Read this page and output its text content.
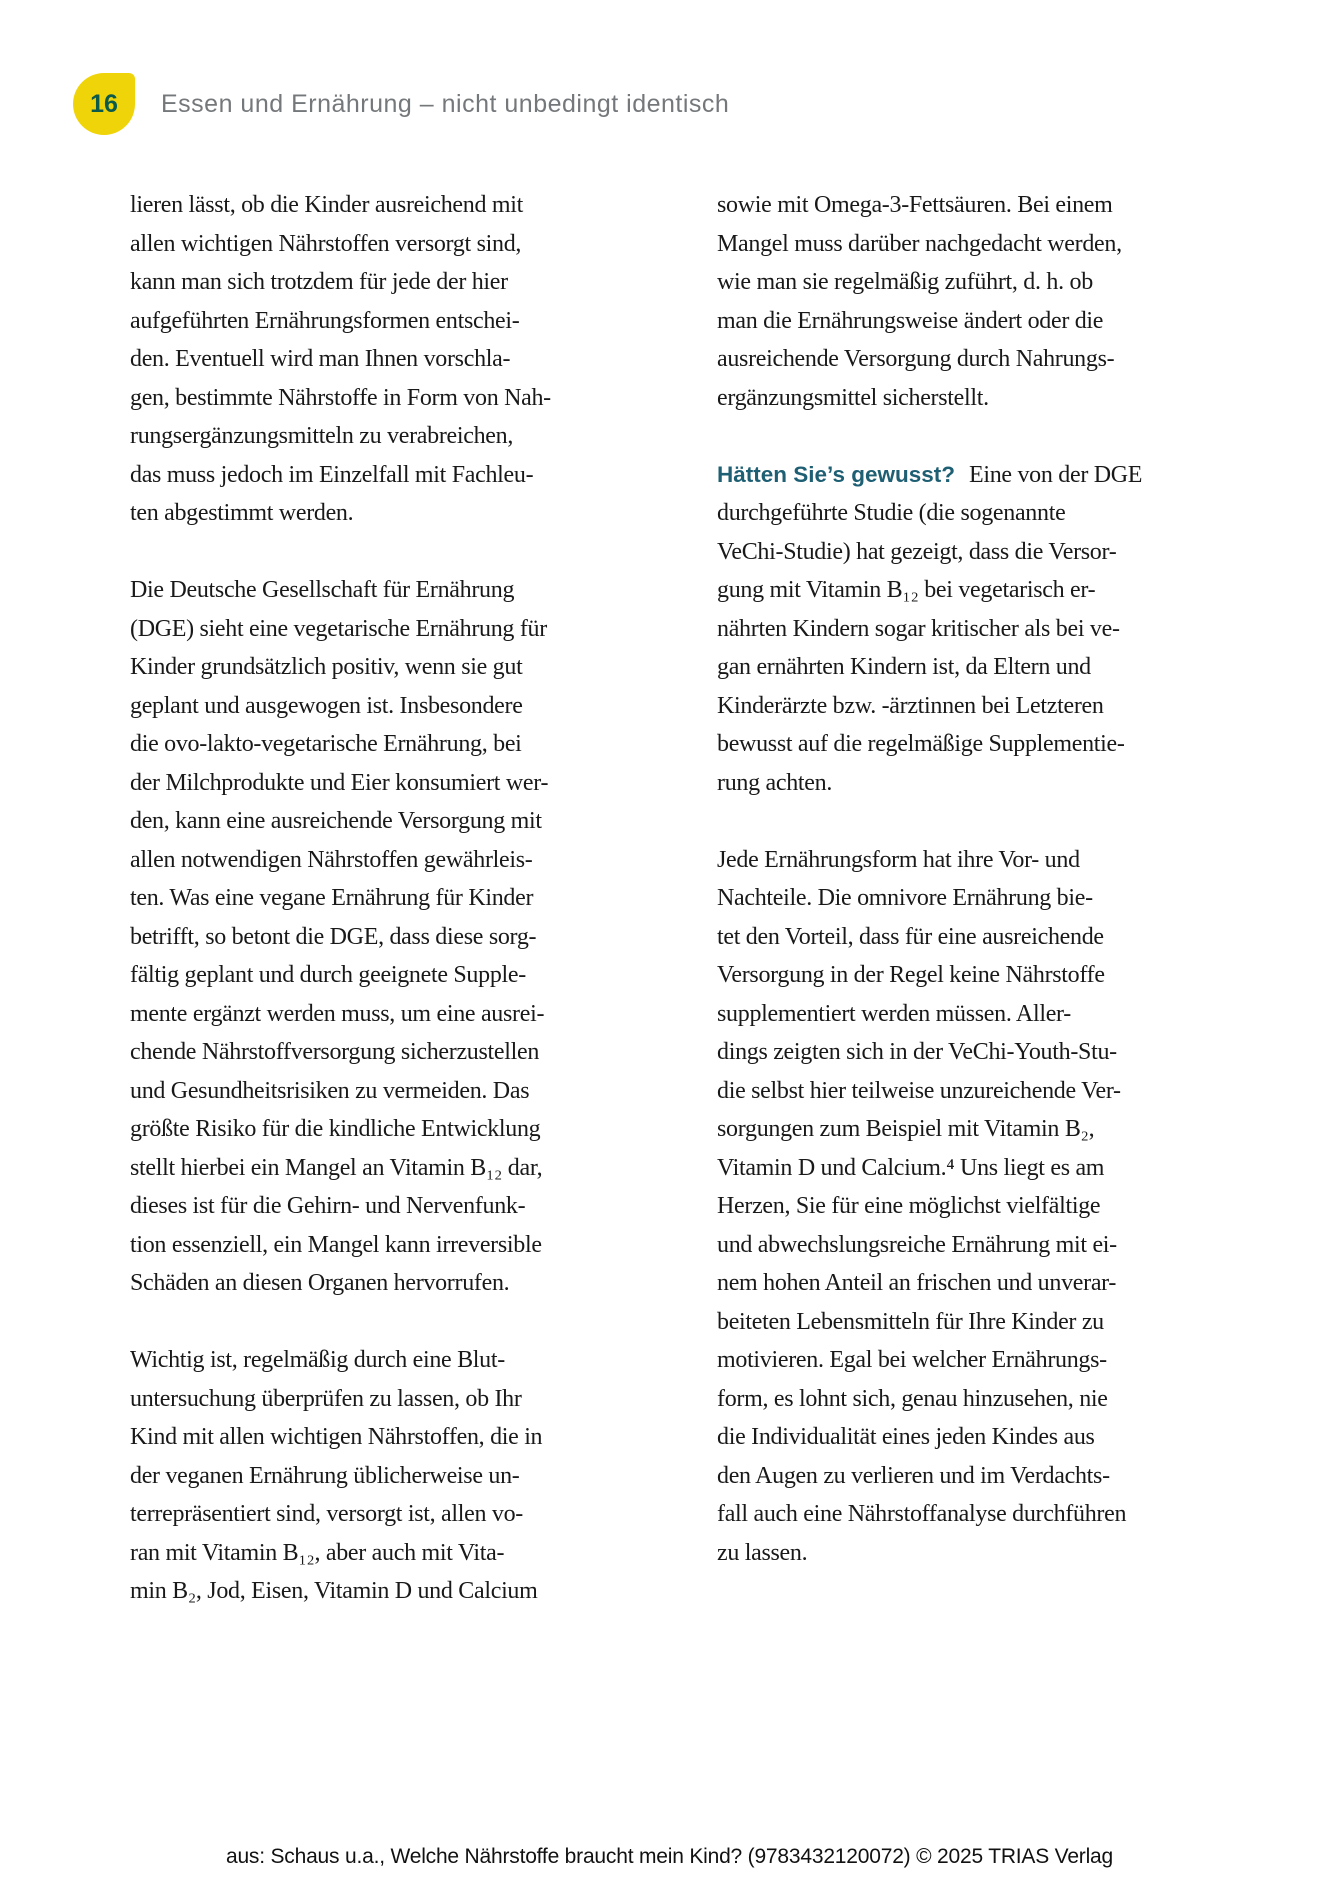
16 Essen und Ernährung – nicht unbedingt identisch
lieren lässt, ob die Kinder ausreichend mit
allen wichtigen Nährstoffen versorgt sind,
kann man sich trotzdem für jede der hier
aufgeführten Ernährungsformen entschei-
den. Eventuell wird man Ihnen vorschla-
gen, bestimmte Nährstoffe in Form von Nah-
rungsergänzungsmitteln zu verabreichen,
das muss jedoch im Einzelfall mit Fachleu-
ten abgestimmt werden.
Die Deutsche Gesellschaft für Ernährung
(DGE) sieht eine vegetarische Ernährung für
Kinder grundsätzlich positiv, wenn sie gut
geplant und ausgewogen ist. Insbesondere
die ovo-lakto-vegetarische Ernährung, bei
der Milchprodukte und Eier konsumiert wer-
den, kann eine ausreichende Versorgung mit
allen notwendigen Nährstoffen gewährleis-
ten. Was eine vegane Ernährung für Kinder
betrifft, so betont die DGE, dass diese sorg-
fältig geplant und durch geeignete Supple-
mente ergänzt werden muss, um eine ausrei-
chende Nährstoffversorgung sicherzustellen
und Gesundheitsrisiken zu vermeiden. Das
größte Risiko für die kindliche Entwicklung
stellt hierbei ein Mangel an Vitamin B₁₂ dar,
dieses ist für die Gehirn- und Nervenfunk-
tion essenziell, ein Mangel kann irreversible
Schäden an diesen Organen hervorrufen.
Wichtig ist, regelmäßig durch eine Blut-
untersuchung überprüfen zu lassen, ob Ihr
Kind mit allen wichtigen Nährstoffen, die in
der veganen Ernährung üblicherweise un-
terrepräsentiert sind, versorgt ist, allen vo-
ran mit Vitamin B₁₂, aber auch mit Vita-
min B₂, Jod, Eisen, Vitamin D und Calcium
sowie mit Omega-3-Fettsäuren. Bei einem
Mangel muss darüber nachgedacht werden,
wie man sie regelmäßig zuführt, d. h. ob
man die Ernährungsweise ändert oder die
ausreichende Versorgung durch Nahrungs-
ergänzungsmittel sicherstellt.
Hätten Sie’s gewusst? Eine von der DGE
durchgeführte Studie (die sogenannte
VeChi-Studie) hat gezeigt, dass die Versor-
gung mit Vitamin B₁₂ bei vegetarisch er-
nährten Kindern sogar kritischer als bei ve-
gan ernährten Kindern ist, da Eltern und
Kinderärzte bzw. -ärztinnen bei Letzteren
bewusst auf die regelmäßige Supplementie-
rung achten.
Jede Ernährungsform hat ihre Vor- und
Nachteile. Die omnivore Ernährung bie-
tet den Vorteil, dass für eine ausreichende
Versorgung in der Regel keine Nährstoffe
supplementiert werden müssen. Aller-
dings zeigten sich in der VeChi-Youth-Stu-
die selbst hier teilweise unzureichende Ver-
sorgungen zum Beispiel mit Vitamin B₂,
Vitamin D und Calcium.⁴ Uns liegt es am
Herzen, Sie für eine möglichst vielfältige
und abwechslungsreiche Ernährung mit ei-
nem hohen Anteil an frischen und unverar-
beiteten Lebensmitteln für Ihre Kinder zu
motivieren. Egal bei welcher Ernährungs-
form, es lohnt sich, genau hinzusehen, nie
die Individualität eines jeden Kindes aus
den Augen zu verlieren und im Verdachts-
fall auch eine Nährstoffanalyse durchführen
zu lassen.
aus: Schaus u.a., Welche Nährstoffe braucht mein Kind? (9783432120072) © 2025 TRIAS Verlag
